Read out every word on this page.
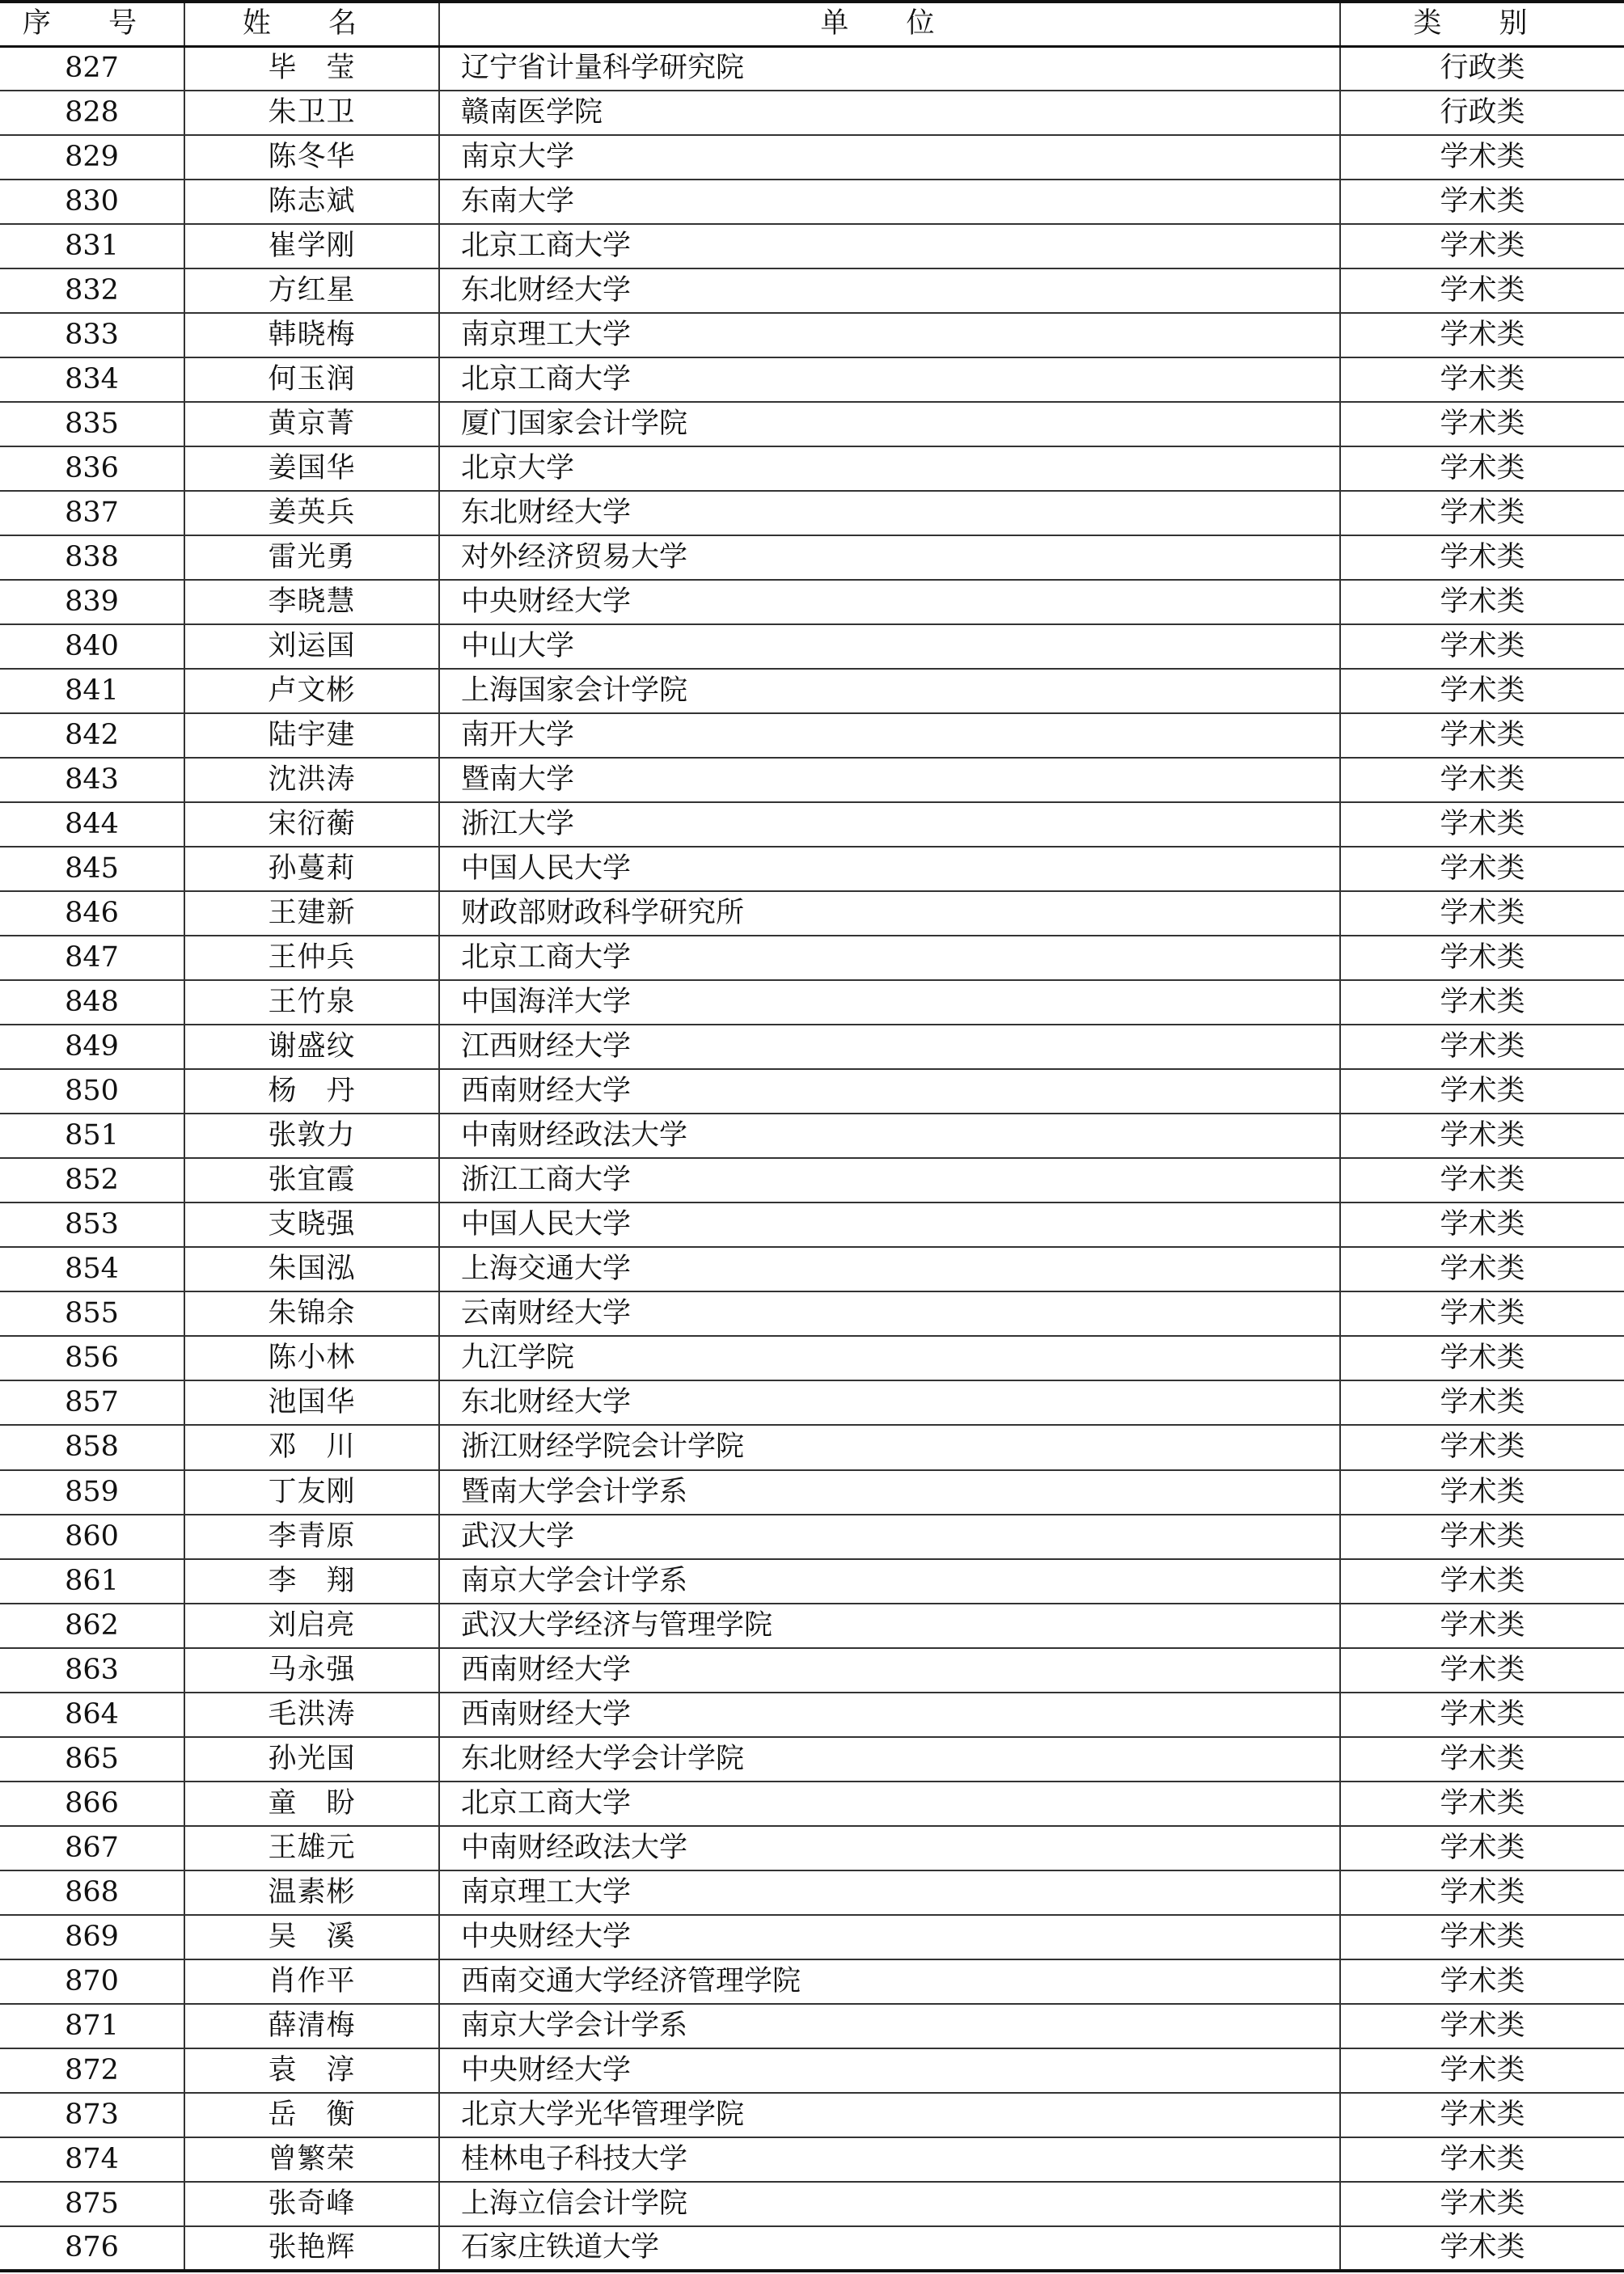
序 号	姓 名	单 位	类 别
827	毕　莹	辽宁省计量科学研究院	行政类
828	朱卫卫	赣南医学院	行政类
829	陈冬华	南京大学	学术类
830	陈志斌	东南大学	学术类
831	崔学刚	北京工商大学	学术类
832	方红星	东北财经大学	学术类
833	韩晓梅	南京理工大学	学术类
834	何玉润	北京工商大学	学术类
835	黄京菁	厦门国家会计学院	学术类
836	姜国华	北京大学	学术类
837	姜英兵	东北财经大学	学术类
838	雷光勇	对外经济贸易大学	学术类
839	李晓慧	中央财经大学	学术类
840	刘运国	中山大学	学术类
841	卢文彬	上海国家会计学院	学术类
842	陆宇建	南开大学	学术类
843	沈洪涛	暨南大学	学术类
844	宋衍蘅	浙江大学	学术类
845	孙蔓莉	中国人民大学	学术类
846	王建新	财政部财政科学研究所	学术类
847	王仲兵	北京工商大学	学术类
848	王竹泉	中国海洋大学	学术类
849	谢盛纹	江西财经大学	学术类
850	杨　丹	西南财经大学	学术类
851	张敦力	中南财经政法大学	学术类
852	张宜霞	浙江工商大学	学术类
853	支晓强	中国人民大学	学术类
854	朱国泓	上海交通大学	学术类
855	朱锦余	云南财经大学	学术类
856	陈小林	九江学院	学术类
857	池国华	东北财经大学	学术类
858	邓　川	浙江财经学院会计学院	学术类
859	丁友刚	暨南大学会计学系	学术类
860	李青原	武汉大学	学术类
861	李　翔	南京大学会计学系	学术类
862	刘启亮	武汉大学经济与管理学院	学术类
863	马永强	西南财经大学	学术类
864	毛洪涛	西南财经大学	学术类
865	孙光国	东北财经大学会计学院	学术类
866	童　盼	北京工商大学	学术类
867	王雄元	中南财经政法大学	学术类
868	温素彬	南京理工大学	学术类
869	吴　溪	中央财经大学	学术类
870	肖作平	西南交通大学经济管理学院	学术类
871	薛清梅	南京大学会计学系	学术类
872	袁　淳	中央财经大学	学术类
873	岳　衡	北京大学光华管理学院	学术类
874	曾繁荣	桂林电子科技大学	学术类
875	张奇峰	上海立信会计学院	学术类
876	张艳辉	石家庄铁道大学	学术类
